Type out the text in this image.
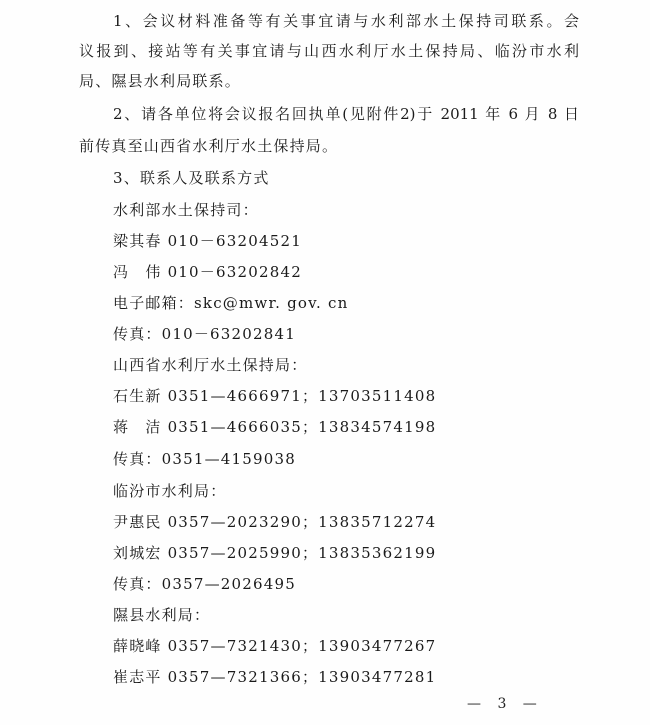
1、会议材料准备等有关事宜请与水利部水土保持司联系。会
议报到、接站等有关事宜请与山西水利厅水土保持局、临汾市水利
局、隰县水利局联系。
2、请各单位将会议报名回执单(见附件2)于 2011 年 6 月 8 日
前传真至山西省水利厅水土保持局。
3、联系人及联系方式
水利部水土保持司：
梁其春 010－63204521
冯　伟 010－63202842
电子邮箱：skc@mwr. gov. cn
传真：010－63202841
山西省水利厅水土保持局：
石生新 0351—4666971；13703511408
蒋　洁 0351—4666035；13834574198
传真：0351—4159038
临汾市水利局：
尹惠民 0357—2023290；13835712274
刘城宏 0357—2025990；13835362199
传真：0357—2026495
隰县水利局：
薛晓峰 0357—7321430；13903477267
崔志平 0357—7321366；13903477281
— 3 —
